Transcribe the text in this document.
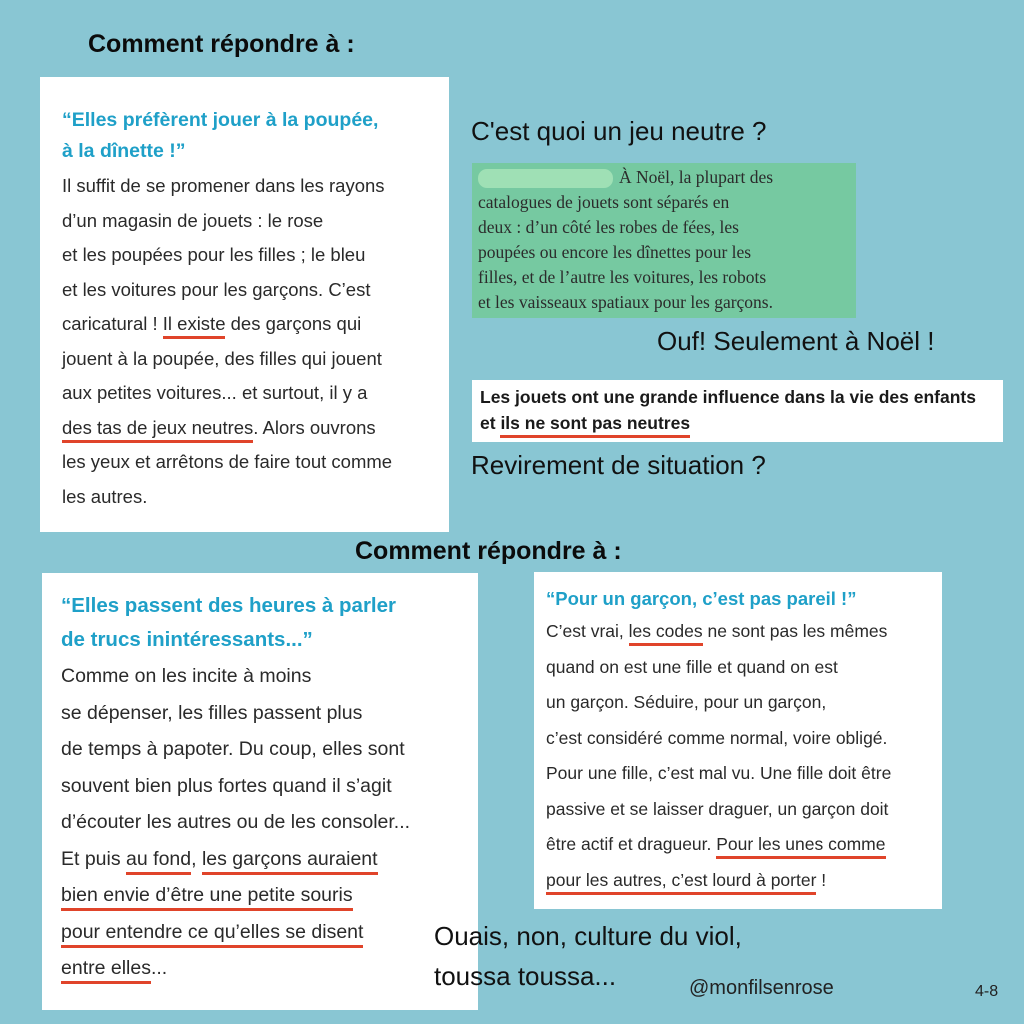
Comment répondre à :
“Elles préfèrent jouer à la poupée,
à la dînette !”
Il suffit de se promener dans les rayons
d’un magasin de jouets : le rose
et les poupées pour les filles ; le bleu
et les voitures pour les garçons. C’est
caricatural ! Il existe des garçons qui
jouent à la poupée, des filles qui jouent
aux petites voitures... et surtout, il y a
des tas de jeux neutres. Alors ouvrons
les yeux et arrêtons de faire tout comme
les autres.
C'est quoi un jeu neutre ?
À Noël, la plupart des
catalogues de jouets sont séparés en
deux : d’un côté les robes de fées, les
poupées ou encore les dînettes pour les
filles, et de l’autre les voitures, les robots
et les vaisseaux spatiaux pour les garçons.
Ouf! Seulement à Noël !
Les jouets ont une grande influence dans la vie des enfants
et ils ne sont pas neutres
Revirement de situation ?
Comment répondre à :
“Elles passent des heures à parler
de trucs inintéressants...”
Comme on les incite à moins
se dépenser, les filles passent plus
de temps à papoter. Du coup, elles sont
souvent bien plus fortes quand il s’agit
d’écouter les autres ou de les consoler...
Et puis au fond, les garçons auraient
bien envie d’être une petite souris
pour entendre ce qu’elles se disent
entre elles...
“Pour un garçon, c’est pas pareil !”
C’est vrai, les codes ne sont pas les mêmes
quand on est une fille et quand on est
un garçon. Séduire, pour un garçon,
c’est considéré comme normal, voire obligé.
Pour une fille, c’est mal vu. Une fille doit être
passive et se laisser draguer, un garçon doit
être actif et dragueur. Pour les unes comme
pour les autres, c’est lourd à porter !
Ouais, non, culture du viol,
toussa toussa...	@monfilsenrose	4-8
